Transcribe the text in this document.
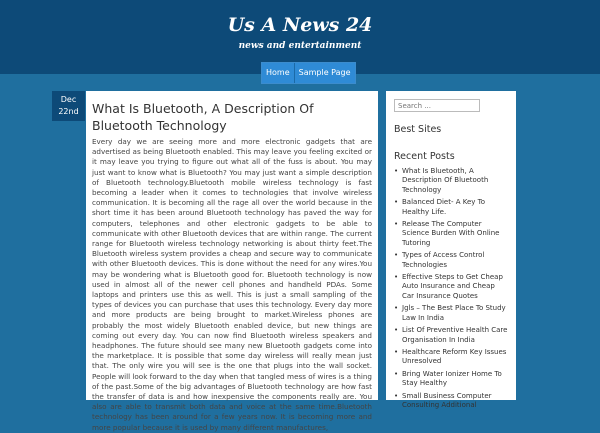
Us A News 24
news and entertainment
Home	Sample Page
Dec
22nd	What Is Bluetooth, A Description Of Bluetooth Technology

Every day we are seeing more and more electronic gadgets that are advertised as being Bluetooth enabled. This may leave you feeling excited or it may leave you trying to figure out what all of the fuss is about. You may just want to know what is Bluetooth? You may just want a simple description of Bluetooth technology.Bluetooth mobile wireless technology is fast becoming a leader when it comes to technologies that involve wireless communication. It is becoming all the rage all over the world because in the short time it has been around Bluetooth technology has paved the way for computers, telephones and other electronic gadgets to be able to communicate with other Bluetooth devices that are within range. The current range for Bluetooth wireless technology networking is about thirty feet.The Bluetooth wireless system provides a cheap and secure way to communicate with other Bluetooth devices. This is done without the need for any wires.You may be wondering what is Bluetooth good for. Bluetooth technology is now used in almost all of the newer cell phones and handheld PDAs. Some laptops and printers use this as well. This is just a small sampling of the types of devices you can purchase that uses this technology. Every day more and more products are being brought to market.Wireless phones are probably the most widely Bluetooth enabled device, but new things are coming out every day. You can now find Bluetooth wireless speakers and headphones. The future should see many new Bluetooth gadgets come into the marketplace. It is possible that some day wireless will really mean just that. The only wire you will see is the one that plugs into the wall socket. People will look forward to the day when that tangled mess of wires is a thing of the past.Some of the big advantages of Bluetooth technology are how fast the transfer of data is and how inexpensive the components really are. You also are able to transmit both data and voice at the same time.Bluetooth technology has been around for a few years now. It is becoming more and more popular because it is used by many different manufactures,

Search ...
Best Sites
Recent Posts
• What Is Bluetooth, A Description Of Bluetooth Technology
• Balanced Diet- A Key To Healthy Life.
• Release The Computer Science Burden With Online Tutoring
• Types of Access Control Technologies
• Effective Steps to Get Cheap Auto Insurance and Cheap Car Insurance Quotes
• Jgls – The Best Place To Study Law In India
• List Of Preventive Health Care Organisation In India
• Healthcare Reform Key Issues Unresolved
• Bring Water Ionizer Home To Stay Healthy
• Small Business Computer Consulting Additional
